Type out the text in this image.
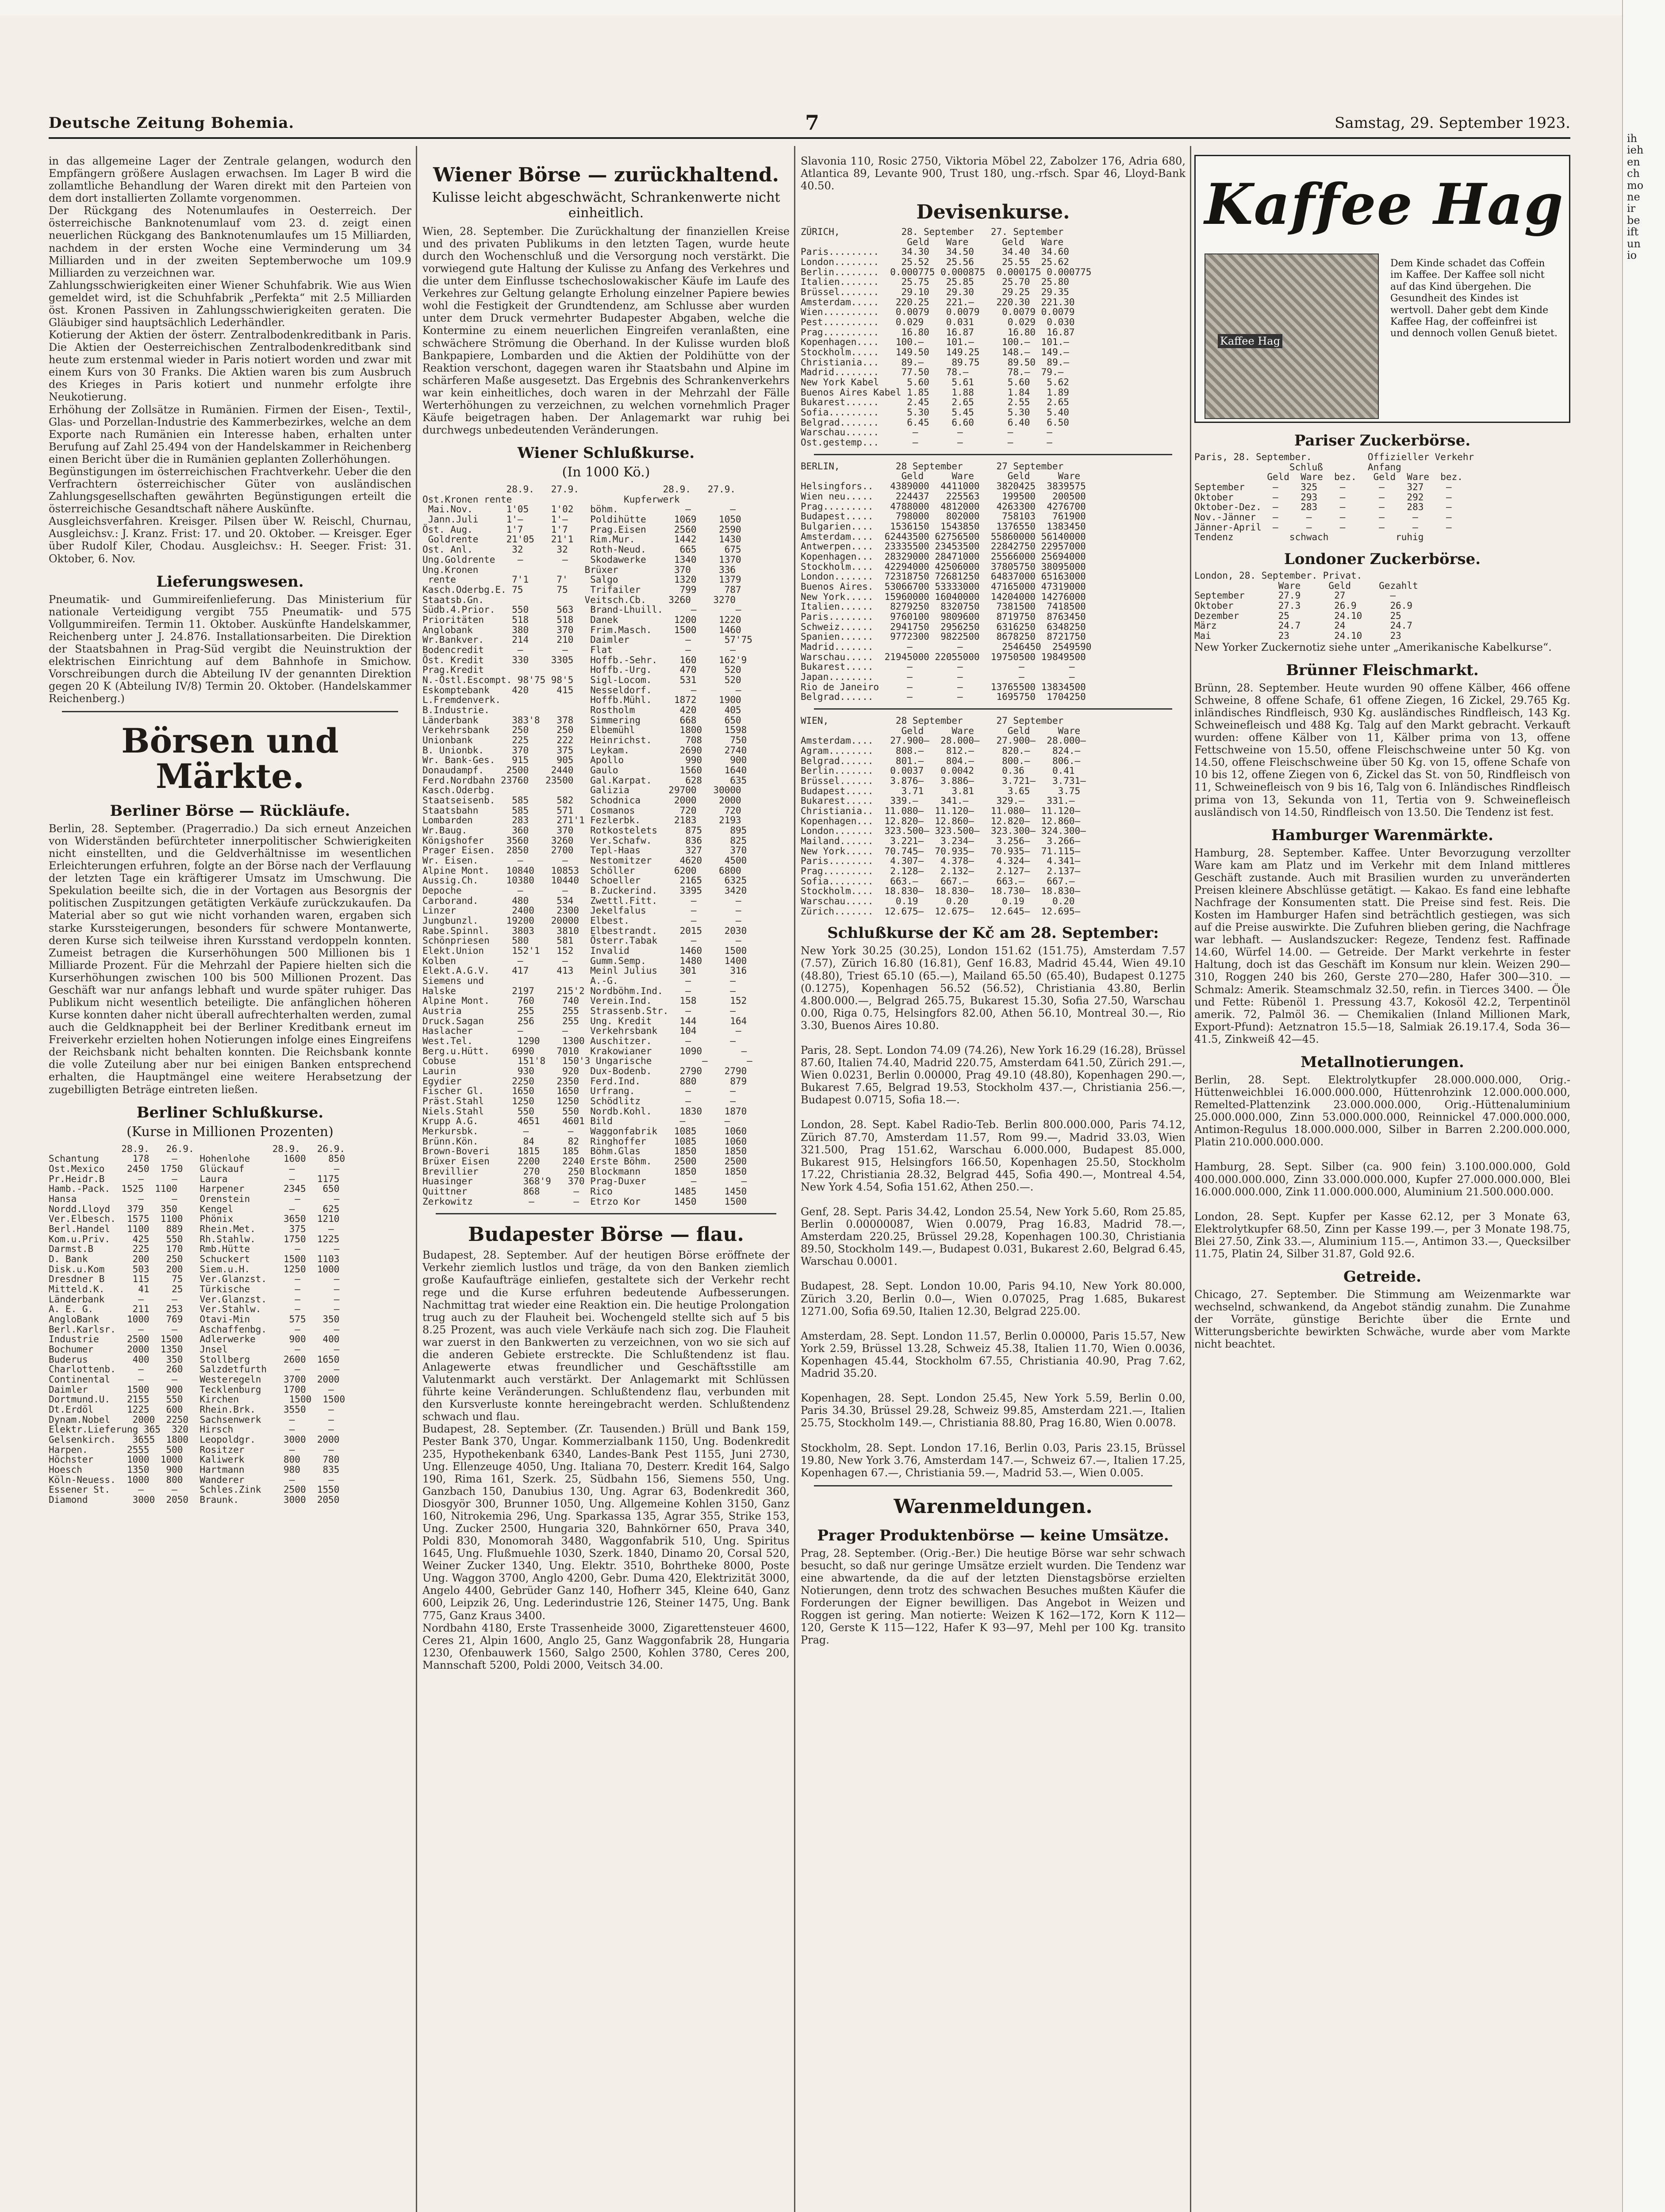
ih
ieh
en
ch
mo
ne
ir
be
ift
un
io
Deutsche Zeitung Bohemia.	7	Samstag, 29. September 1923.

in das allgemeine Lager der Zentrale gelangen, wodurch den Empfängern größere Auslagen erwachsen. Im Lager B wird die zollamtliche Behandlung der Waren direkt mit den Parteien von dem dort installierten Zollamte vorgenommen.

Der Rückgang des Notenumlaufes in Oesterreich. Der österreichische Banknotenumlauf vom 23. d. zeigt einen neuerlichen Rückgang des Banknotenumlaufes um 15 Milliarden, nachdem in der ersten Woche eine Verminderung um 34 Milliarden und in der zweiten Septemberwoche um 109.9 Milliarden zu verzeichnen war.

Zahlungsschwierigkeiten einer Wiener Schuhfabrik. Wie aus Wien gemeldet wird, ist die Schuhfabrik „Perfekta“ mit 2.5 Milliarden öst. Kronen Passiven in Zahlungsschwierigkeiten geraten. Die Gläubiger sind hauptsächlich Lederhändler.

Kotierung der Aktien der österr. Zentralbodenkreditbank in Paris. Die Aktien der Oesterreichischen Zentralbodenkreditbank sind heute zum erstenmal wieder in Paris notiert worden und zwar mit einem Kurs von 30 Franks. Die Aktien waren bis zum Ausbruch des Krieges in Paris kotiert und nunmehr erfolgte ihre Neukotierung.

Erhöhung der Zollsätze in Rumänien. Firmen der Eisen-, Textil-, Glas- und Porzellan-Industrie des Kammerbezirkes, welche an dem Exporte nach Rumänien ein Interesse haben, erhalten unter Berufung auf Zahl 25.494 von der Handelskammer in Reichenberg einen Bericht über die in Rumänien geplanten Zollerhöhungen.

Begünstigungen im österreichischen Frachtverkehr. Ueber die den Verfrachtern österreichischer Güter von ausländischen Zahlungsgesellschaften gewährten Begünstigungen erteilt die österreichische Gesandtschaft nähere Auskünfte.

Ausgleichsverfahren. Kreisger. Pilsen über W. Reischl, Churnau, Ausgleichsv.: J. Kranz. Frist: 17. und 20. Oktober. — Kreisger. Eger über Rudolf Kiler, Chodau. Ausgleichsv.: H. Seeger. Frist: 31. Oktober, 6. Nov.

Lieferungswesen.

Pneumatik- und Gummireifenlieferung. Das Ministerium für nationale Verteidigung vergibt 755 Pneumatik- und 575 Vollgummireifen. Termin 11. Oktober. Auskünfte Handelskammer, Reichenberg unter J. 24.876. Installationsarbeiten. Die Direktion der Staatsbahnen in Prag-Süd vergibt die Neuinstruktion der elektrischen Einrichtung auf dem Bahnhofe in Smichow. Vorschreibungen durch die Abteilung IV der genannten Direktion gegen 20 K (Abteilung IV/8) Termin 20. Oktober. (Handelskammer Reichenberg.)

Börsen und Märkte.
Berliner Börse — Rückläufe.

Berlin, 28. September. (Pragerradio.) Da sich erneut Anzeichen von Widerständen befürchteter innerpolitischer Schwierigkeiten nicht einstellten, und die Geldverhältnisse im wesentlichen Erleichterungen erfuhren, folgte an der Börse nach der Verflauung der letzten Tage ein kräftigerer Umsatz im Umschwung. Die Spekulation beeilte sich, die in der Vortagen aus Besorgnis der politischen Zuspitzungen getätigten Verkäufe zurückzukaufen. Da Material aber so gut wie nicht vorhanden waren, ergaben sich starke Kurssteigerungen, besonders für schwere Montanwerte, deren Kurse sich teilweise ihren Kursstand verdoppeln konnten. Zumeist betragen die Kurserhöhungen 500 Millionen bis 1 Milliarde Prozent. Für die Mehrzahl der Papiere hielten sich die Kurserhöhungen zwischen 100 bis 500 Millionen Prozent. Das Geschäft war nur anfangs lebhaft und wurde später ruhiger. Das Publikum nicht wesentlich beteiligte. Die anfänglichen höheren Kurse konnten daher nicht überall aufrechterhalten werden, zumal auch die Geldknappheit bei der Berliner Kreditbank erneut im Freiverkehr erzielten hohen Notierungen infolge eines Eingreifens der Reichsbank nicht behalten konnten. Die Reichsbank konnte die volle Zuteilung aber nur bei einigen Banken entsprechend erhalten, die Hauptmängel eine weitere Herabsetzung der zugebilligten Beträge eintreten ließen.

Berliner Schlußkurse.

(Kurse in Millionen Prozenten)

28.9.   26.9.              28.9.   26.9.
Schantung      178    —    Hohenlohe      1600    850
Ost.Mexico    2450  1750   Glückauf        —       —
Pr.Heidr.B      —     —    Laura           —    1175
Hamb.-Pack.  1525  1100    Harpener       2345   650
Hansa           —     —    Orenstein        —      —
Nordd.Lloyd   379   350    Kengel          —     625
Ver.Elbesch.  1575  1100   Phönix         3650  1210
Berl.Handel   1100   889   Rhein.Met.      375    —
Kom.u.Priv.    425   550   Rh.Stahlw.     1750  1225
Darmst.B       225   170   Rmb.Hütte        —      —
D. Bank        200   250   Schuckert      1500  1103
Disk.u.Kom     503   200   Siem.u.H.      1250  1000
Dresdner B     115    75   Ver.Glanzst.     —      —
Mitteld.K.      41    25   Türkische        —      —
Länderbank      —     —    Ver.Glanzst.     —      —
A. E. G.       211   253   Ver.Stahlw.      —      —
AngloBank     1000   769   Otavi-Min       575   350
Berl.Karlsr.    —     —    Aschaffenbg.     —      —
Industrie     2500  1500   Adlerwerke      900   400
Bochumer      2000  1350   Jnsel            —      —
Buderus        400   350   Stollberg      2600  1650
Charlottenb.    —    260   Salzdetfurth     —      —
Continental     —     —    Westeregeln    3700  2000
Daimler       1500   900   Tecklenburg    1700    —
Dortmund.U.   2155   550   Kirchen         1500  1500
Dt.Erdöl      1225   600   Rhein.Brk.     3550    —
Dynam.Nobel    2000  2250  Sachsenwerk     —      —
Elektr.Lieferung 365  320  Hirsch          —      —
Gelsenkirch.   3655  1800  Leopoldgr.     3000  2000
Harpen.       2555   500   Rositzer        —      —
Höchster      1000  1000   Kaliwerk       800    780
Hoesch        1350   900   Hartmann       980    835
Köln-Neuess.  1000   800   Wanderer        —      —
Essener St.     —     —    Schles.Zink    2500  1550
Diamond        3000  2050  Braunk.        3000  2050
Wiener Börse — zurückhaltend.

Kulisse leicht abgeschwächt, Schrankenwerte nicht einheitlich.

Wien, 28. September. Die Zurückhaltung der finanziellen Kreise und des privaten Publikums in den letzten Tagen, wurde heute durch den Wochenschluß und die Versorgung noch verstärkt. Die vorwiegend gute Haltung der Kulisse zu Anfang des Verkehres und die unter dem Einflusse tschechoslowakischer Käufe im Laufe des Verkehres zur Geltung gelangte Erholung einzelner Papiere bewies wohl die Festigkeit der Grundtendenz, am Schlusse aber wurden unter dem Druck vermehrter Budapester Abgaben, welche die Kontermine zu einem neuerlichen Eingreifen veranlaßten, eine schwächere Strömung die Oberhand. In der Kulisse wurden bloß Bankpapiere, Lombarden und die Aktien der Poldihütte von der Reaktion verschont, dagegen waren ihr Staatsbahn und Alpine im schärferen Maße ausgesetzt. Das Ergebnis des Schrankenverkehrs war kein einheitliches, doch waren in der Mehrzahl der Fälle Werterhöhungen zu verzeichnen, zu welchen vornehmlich Prager Käufe beigetragen haben. Der Anlagemarkt war ruhig bei durchwegs unbedeutenden Veränderungen.

Wiener Schlußkurse.

(In 1000 Kö.)

28.9.   27.9.               28.9.   27.9.
Ost.Kronen rente                    Kupferwerk
Mai.Nov.      1'05    1'02   böhm.            —       —
Jann.Juli     1'—     1'—    Poldihütte     1069    1050
Öst. Aug.      1'7     1'7    Prag.Eisen     2560    2590
Goldrente     21'05   21'1   Rim.Mur.       1442    1430
Ost. Anl.       32      32    Roth-Neud.      665     675
Ung.Goldrente    —       —    Skodawerke     1340    1370
Ung.Kronen                   Brüxer          370     336
rente          7'1     7'    Salgo          1320    1379
Kasch.Oderbg.E. 75      75    Trifailer       799     787
Staatsb.Gn.                  Veitsch.Cb.    3260    3270
Südb.4.Prior.   550     563   Brand-Lhuill.     —       —
Prioritäten     518     518   Danek          1200    1220
Anglobank       380     370   Frim.Masch.    1500    1460
Wr.Bankver.     214     210   Daimler          —      57'75
Bodencredit      —       —    Flat             —       —
Öst. Kredit     330    3305   Hoffb.-Sehr.    160    162'9
Prag.Kredit                   Hoffb.-Urg.     470     520
N.-Östl.Escompt. 98'75 98'5   Sigl-Locom.     531     520
Eskomptebank    420     415   Nesseldorf.       —       —
L.Fremdenverk.                Hoffb.Mühl.    1872    1900
B.Industrie.                  Rostholm        420     405
Länderbank      383'8   378   Simmering       668     650
Verkehrsbank    250     250   Elbemühl        1800    1598
Unionbank       225     222   Heinrichst.      708     750
B. Unionbk.     370     375   Leykam.         2690    2740
Wr. Bank-Ges.   915     905   Apollo           990     900
Donaudampf.    2500    2440   Gaulo           1560    1640
Ferd.Nordbahn 23760   23500   Gal.Karpat.      628     635
Kasch.Oderbg.                 Galizia       29700   30000
Staatseisenb.   585     582   Schodnica      2000    2000
Staatsbahn      585     571   Cosmanos        720     720
Lombarden       283     271'1 Fezlerbk.      2183    2193
Wr.Baug.        360     370   Rotkostelets     875     895
Königshofer    3560    3260   Ver.Schafw.      836     825
Prager Eisen.  2850    2700   Tepl-Haas        327     370
Wr. Eisen.       —       —    Nestomitzer     4620    4500
Alpine Mont.   10840   10853  Schöller       6200    6800
Aussig.Ch.     10380   10440  Schoeller       2165    6325
Depoche          —       —    B.Zuckerind.    3395    3420
Carborand.      480     534   Zwettl.Fitt.      —       —
Linzer          2400    2300  Jekelfalus        —       —
Jungbunzl.     19200   20000  Elbest.           —       —
Rabe.Spinnl.    3803    3810  Elbestrandt.    2015    2030
Schönpriesen    580     581   Österr.Tabak      —       —
Elekt.Union     152'1   152   Invalid         1460    1500
Kolben           —       —    Gumm.Semp.      1480    1400
Elekt.A.G.V.    417     413   Meinl Julius    301      316
Siemens und                   A.-G.            —       —
Halske          2197    215'2 Nordböhm.Ind.    —       —
Alpine Mont.     760     740  Verein.Ind.     158      152
Austria          255     255  Strassenb.Str.   —       —
Druck.Sagan      256     255  Ung. Kredit     144      164
Haslacher        —       —    Verkehrsbank    104       —
West.Tel.        1290    1300 Auschitzer.      —       —
Berg.u.Hütt.    6990    7010  Krakowianer     1090       —
Cobuse           151'8   150'3 Ungarische         —       —
Laurin           930     920  Dux-Bodenb.     2790    2790
Egydier         2250    2350  Ferd.Ind.       880      879
Fischer Gl.     1650    1650  Urfrang.         —       —
Präst.Stahl     1250    1250  Schödlitz        —       —
Niels.Stahl      550     550  Nordb.Kohl.     1830    1870
Krupp A.G.       4651    4601 Bild            —       —
Merkursbk.        —       —   Waggonfabrik   1085     1060
Brünn.Kön.        84      82  Ringhoffer     1085     1060
Brown-Boveri     1815    185  Böhm.Glas      1850     1850
Brüxer Eisen     2200    2240 Erste Böhm.    2500     2500
Brevillier        270     250 Blockmann      1850     1850
Huasinger         368'9   370 Prag-Duxer        —        —
Quittner          868      —  Rico           1485     1450
Zerkowitz          —       —  Etrzo Kor      1450     1500
Budapester Börse — flau.

Budapest, 28. September. Auf der heutigen Börse eröffnete der Verkehr ziemlich lustlos und träge, da von den Banken ziemlich große Kaufaufträge einliefen, gestaltete sich der Verkehr recht rege und die Kurse erfuhren bedeutende Aufbesserungen. Nachmittag trat wieder eine Reaktion ein. Die heutige Prolongation trug auch zu der Flauheit bei. Wochengeld stellte sich auf 5 bis 8.25 Prozent, was auch viele Verkäufe nach sich zog. Die Flauheit war zuerst in den Bankwerten zu verzeichnen, von wo sie sich auf die anderen Gebiete erstreckte. Die Schlußtendenz ist flau. Anlagewerte etwas freundlicher und Geschäftsstille am Valutenmarkt auch verstärkt. Der Anlagemarkt mit Schlüssen führte keine Veränderungen. Schlußtendenz flau, verbunden mit den Kursverluste konnte hereingebracht werden. Schlußtendenz schwach und flau.

Budapest, 28. September. (Zr. Tausenden.) Brüll und Bank 159, Pester Bank 370, Ungar. Kommerzialbank 1150, Ung. Bodenkredit 235, Hypothekenbank 6340, Landes-Bank Pest 1155, Juni 2730, Ung. Ellenzeuge 4050, Ung. Italiana 70, Desterr. Kredit 164, Salgo 190, Rima 161, Szerk. 25, Südbahn 156, Siemens 550, Ung. Ganzbach 150, Danubius 130, Ung. Agrar 63, Bodenkredit 360, Diosgyör 300, Brunner 1050, Ung. Allgemeine Kohlen 3150, Ganz 160, Nitrokemia 296, Ung. Sparkassa 135, Agrar 355, Strike 153, Ung. Zucker 2500, Hungaria 320, Bahnkörner 650, Prava 340, Poldi 830, Monomorah 3480, Waggonfabrik 510, Ung. Spiritus 1645, Ung. Flußmuehle 1030, Szerk. 1840, Dinamo 20, Corsal 520, Weiner Zucker 1340, Ung. Elektr. 3510, Bohrtheke 8000, Poste Ung. Waggon 3700, Anglo 4200, Gebr. Duma 420, Elektrizität 3000, Angelo 4400, Gebrüder Ganz 140, Hofherr 345, Kleine 640, Ganz 600, Leipzik 26, Ung. Lederindustrie 126, Steiner 1475, Ung. Bank 775, Ganz Kraus 3400.

Nordbahn 4180, Erste Trassenheide 3000, Zigarettensteuer 4600, Ceres 21, Alpin 1600, Anglo 25, Ganz Waggonfabrik 28, Hungaria 1230, Ofenbauwerk 1560, Salgo 2500, Kohlen 3780, Ceres 200, Mannschaft 5200, Poldi 2000, Veitsch 34.00.

Slavonia 110, Rosic 2750, Viktoria Möbel 22, Zabolzer 176, Adria 680, Atlantica 89, Levante 900, Trust 180, ung.-rfsch. Spar 46, Lloyd-Bank 40.50.

Devisenkurse.
ZÜRICH,           28. September   27. September
Geld   Ware      Geld   Ware
Paris.........    34.30   34.50     34.40  34.60
London........    25.52   25.56     25.55  25.62
Berlin........  0.000775 0.000875  0.000175 0.000775
Italien.......    25.75   25.85     25.70  25.80
Brüssel.......    29.10   29.30     29.25  29.35
Amsterdam.....   220.25   221.—    220.30  221.30
Wien..........   0.0079   0.0079    0.0079 0.0079
Pest..........   0.029    0.031      0.029  0.030
Prag..........    16.80   16.87      16.80  16.87
Kopenhagen....   100.—    101.—     100.—  101.—
Stockholm.....   149.50   149.25    148.—  149.—
Christiania...    89.—     89.75     89.50  89.—
Madrid........    77.50   78.—       78.—  79.—
New York Kabel     5.60    5.61      5.60   5.62
Buenos Aires Kabel 1.85    1.88      1.84   1.89
Bukarest......     2.45    2.65      2.55   2.65
Sofia.........     5.30    5.45      5.30   5.40
Belgrad.......     6.45    6.60      6.40   6.50
Warschau......      —       —        —      —
Ost.gestemp...      —       —        —      —
BERLIN,          28 September      27 September
Geld     Ware      Geld     Ware
Helsingfors..   4389000  4411000   3820425  3839575
Wien neu.....    224437   225563    199500   200500
Prag.........   4788000  4812000   4263300  4276700
Budapest.....    798000   802000    758103   761900
Bulgarien....   1536150  1543850   1376550  1383450
Amsterdam....  62443500 62756500  55860000 56140000
Antwerpen....  23335500 23453500  22842750 22957000
Kopenhagen...  28329000 28471000  25566000 25694000
Stockholm....  42294000 42506000  37805750 38095000
London.......  72318750 72681250  64837000 65163000
Buenos Aires.  53066700 53333000  47165000 47319000
New York.....  15960000 16040000  14204000 14276000
Italien......   8279250  8320750   7381500  7418500
Paris........   9760100  9809600   8719750  8763450
Schweiz......   2941750  2956250   6316250  6348250
Spanien......   9772300  9822500   8678250  8721750
Madrid.......      —        —       2546450  2549590
Warschau.....  21945000 22055000  19750500 19849500
Bukarest.....      —        —          —        —
Japan........      —        —          —        —
Rio de Janeiro     —        —     13765500 13834500
Belgrad......      —        —      1695750  1704250
WIEN,            28 September      27 September
Geld     Ware      Geld     Ware
Amsterdam....   27.900—  28.000—   27.900—  28.000—
Agram........    808.—    812.—     820.—    824.—
Belgrad......    801.—    804.—     800.—    806.—
Berlin.......   0.0037   0.0042     0.36     0.41
Brüssel......   3.876—   3.886—     3.721—   3.731—
Budapest.....     3.71     3.81      3.65     3.75
Bukarest.....   339.—    341.—     329.—    331.—
Christiania..  11.080—  11.120—   11.080—  11.120—
Kopenhagen...  12.820—  12.860—   12.820—  12.860—
London.......  323.500— 323.500—  323.300— 324.300—
Mailand......   3.221—   3.234—    3.256—   3.266—
New York.....  70.745—  70.935—   70.935—  71.115—
Paris........   4.307—   4.378—    4.324—   4.341—
Prag.........   2.128—   2.132—    2.127—   2.137—
Sofia........   663.—    667.—     663.—    667.—
Stockholm....  18.830—  18.830—   18.730—  18.830—
Warschau.....    0.19     0.20      0.19     0.20
Zürich.......  12.675—  12.675—   12.645—  12.695—
Schlußkurse der Kč am 28. September:

New York 30.25 (30.25), London 151.62 (151.75), Amsterdam 7.57 (7.57), Zürich 16.80 (16.81), Genf 16.83, Madrid 45.44, Wien 49.10 (48.80), Triest 65.10 (65.—), Mailand 65.50 (65.40), Budapest 0.1275 (0.1275), Kopenhagen 56.52 (56.52), Christiania 43.80, Berlin 4.800.000.—, Belgrad 265.75, Bukarest 15.30, Sofia 27.50, Warschau 0.00, Riga 0.75, Helsingfors 82.00, Athen 56.10, Montreal 30.—, Rio 3.30, Buenos Aires 10.80.

Paris, 28. Sept. London 74.09 (74.26), New York 16.29 (16.28), Brüssel 87.60, Italien 74.40, Madrid 220.75, Amsterdam 641.50, Zürich 291.—, Wien 0.0231, Berlin 0.00000, Prag 49.10 (48.80), Kopenhagen 290.—, Bukarest 7.65, Belgrad 19.53, Stockholm 437.—, Christiania 256.—, Budapest 0.0715, Sofia 18.—.

London, 28. Sept. Kabel Radio-Teb. Berlin 800.000.000, Paris 74.12, Zürich 87.70, Amsterdam 11.57, Rom 99.—, Madrid 33.03, Wien 321.500, Prag 151.62, Warschau 6.000.000, Budapest 85.000, Bukarest 915, Helsingfors 166.50, Kopenhagen 25.50, Stockholm 17.22, Christiania 28.32, Belgrad 445, Sofia 490.—, Montreal 4.54, New York 4.54, Sofia 151.62, Athen 250.—.

Genf, 28. Sept. Paris 34.42, London 25.54, New York 5.60, Rom 25.85, Berlin 0.00000087, Wien 0.0079, Prag 16.83, Madrid 78.—, Amsterdam 220.25, Brüssel 29.28, Kopenhagen 100.30, Christiania 89.50, Stockholm 149.—, Budapest 0.031, Bukarest 2.60, Belgrad 6.45, Warschau 0.0001.

Budapest, 28. Sept. London 10.00, Paris 94.10, New York 80.000, Zürich 3.20, Berlin 0.0—, Wien 0.07025, Prag 1.685, Bukarest 1271.00, Sofia 69.50, Italien 12.30, Belgrad 225.00.

Amsterdam, 28. Sept. London 11.57, Berlin 0.00000, Paris 15.57, New York 2.59, Brüssel 13.28, Schweiz 45.38, Italien 11.70, Wien 0.0036, Kopenhagen 45.44, Stockholm 67.55, Christiania 40.90, Prag 7.62, Madrid 35.20.

Kopenhagen, 28. Sept. London 25.45, New York 5.59, Berlin 0.00, Paris 34.30, Brüssel 29.28, Schweiz 99.85, Amsterdam 221.—, Italien 25.75, Stockholm 149.—, Christiania 88.80, Prag 16.80, Wien 0.0078.

Stockholm, 28. Sept. London 17.16, Berlin 0.03, Paris 23.15, Brüssel 19.80, New York 3.76, Amsterdam 147.—, Schweiz 67.—, Italien 17.25, Kopenhagen 67.—, Christiania 59.—, Madrid 53.—, Wien 0.005.

Warenmeldungen.
Prager Produktenbörse — keine Umsätze.

Prag, 28. September. (Orig.-Ber.) Die heutige Börse war sehr schwach besucht, so daß nur geringe Umsätze erzielt wurden. Die Tendenz war eine abwartende, da die auf der letzten Dienstagsbörse erzielten Notierungen, denn trotz des schwachen Besuches mußten Käufer die Forderungen der Eigner bewilligen. Das Angebot in Weizen und Roggen ist gering. Man notierte: Weizen K 162—172, Korn K 112—120, Gerste K 115—122, Hafer K 93—97, Mehl per 100 Kg. transito Prag.

Kaffee Hag
Kaffee Hag
Dem Kinde schadet das Coffein im Kaffee. Der Kaffee soll nicht auf das Kind übergehen. Die Gesundheit des Kindes ist wertvoll. Daher gebt dem Kinde Kaffee Hag, der coffeinfrei ist und dennoch vollen Genuß bietet.
Pariser Zuckerbörse.
Paris, 28. September.          Offizieller Verkehr
Schluß        Anfang
Geld  Ware  bez.   Geld  Ware  bez.
September     —    325    —      —    327    —
Oktober       —    293    —      —    292    —
Oktober-Dez.  —    283    —      —    283    —
Nov.-Jänner   —     —     —      —     —     —
Jänner-April  —     —     —      —     —     —
Tendenz          schwach            ruhig
Londoner Zuckerbörse.
London, 28. September. Privat.
Ware     Geld     Gezahlt
September      27.9      27        —
Oktober        27.3      26.9      26.9
Dezember       25        24.10     25
März           24.7      24        24.7
Mai            23        24.10     23

New Yorker Zuckernotiz siehe unter „Amerikanische Kabelkurse“.

Brünner Fleischmarkt.

Brünn, 28. September. Heute wurden 90 offene Kälber, 466 offene Schweine, 8 offene Schafe, 61 offene Ziegen, 16 Zickel, 29.765 Kg. inländisches Rindfleisch, 930 Kg. ausländisches Rindfleisch, 143 Kg. Schweinefleisch und 488 Kg. Talg auf den Markt gebracht. Verkauft wurden: offene Kälber von 11, Kälber prima von 13, offene Fettschweine von 15.50, offene Fleischschweine unter 50 Kg. von 14.50, offene Fleischschweine über 50 Kg. von 15, offene Schafe von 10 bis 12, offene Ziegen von 6, Zickel das St. von 50, Rindfleisch von 11, Schweinefleisch von 9 bis 16, Talg von 6. Inländisches Rindfleisch prima von 13, Sekunda von 11, Tertia von 9. Schweinefleisch ausländisch von 14.50, Rindfleisch von 13.50. Die Tendenz ist fest.

Hamburger Warenmärkte.

Hamburg, 28. September. Kaffee. Unter Bevorzugung verzollter Ware kam am Platz und im Verkehr mit dem Inland mittleres Geschäft zustande. Auch mit Brasilien wurden zu unveränderten Preisen kleinere Abschlüsse getätigt. — Kakao. Es fand eine lebhafte Nachfrage der Konsumenten statt. Die Preise sind fest. Reis. Die Kosten im Hamburger Hafen sind beträchtlich gestiegen, was sich auf die Preise auswirkte. Die Zufuhren blieben gering, die Nachfrage war lebhaft. — Auslandszucker: Regeze, Tendenz fest. Raffinade 14.60, Würfel 14.00. — Getreide. Der Markt verkehrte in fester Haltung, doch ist das Geschäft im Konsum nur klein. Weizen 290—310, Roggen 240 bis 260, Gerste 270—280, Hafer 300—310. — Schmalz: Amerik. Steamschmalz 32.50, refin. in Tierces 3400. — Öle und Fette: Rübenöl 1. Pressung 43.7, Kokosöl 42.2, Terpentinöl amerik. 72, Palmöl 36. — Chemikalien (Inland Millionen Mark, Export-Pfund): Aetznatron 15.5—18, Salmiak 26.19.17.4, Soda 36—41.5, Zinkweiß 42—45.

Metallnotierungen.

Berlin, 28. Sept. Elektrolytkupfer 28.000.000.000, Orig.-Hüttenweichblei 16.000.000.000, Hüttenrohzink 12.000.000.000, Remelted-Plattenzink 23.000.000.000, Orig.-Hüttenaluminium 25.000.000.000, Zinn 53.000.000.000, Reinnickel 47.000.000.000, Antimon-Regulus 18.000.000.000, Silber in Barren 2.200.000.000, Platin 210.000.000.000.

Hamburg, 28. Sept. Silber (ca. 900 fein) 3.100.000.000, Gold 400.000.000.000, Zinn 33.000.000.000, Kupfer 27.000.000.000, Blei 16.000.000.000, Zink 11.000.000.000, Aluminium 21.500.000.000.

London, 28. Sept. Kupfer per Kasse 62.12, per 3 Monate 63, Elektrolytkupfer 68.50, Zinn per Kasse 199.—, per 3 Monate 198.75, Blei 27.50, Zink 33.—, Aluminium 115.—, Antimon 33.—, Quecksilber 11.75, Platin 24, Silber 31.87, Gold 92.6.

Getreide.

Chicago, 27. September. Die Stimmung am Weizenmarkte war wechselnd, schwankend, da Angebot ständig zunahm. Die Zunahme der Vorräte, günstige Berichte über die Ernte und Witterungsberichte bewirkten Schwäche, wurde aber vom Markte nicht beachtet.
